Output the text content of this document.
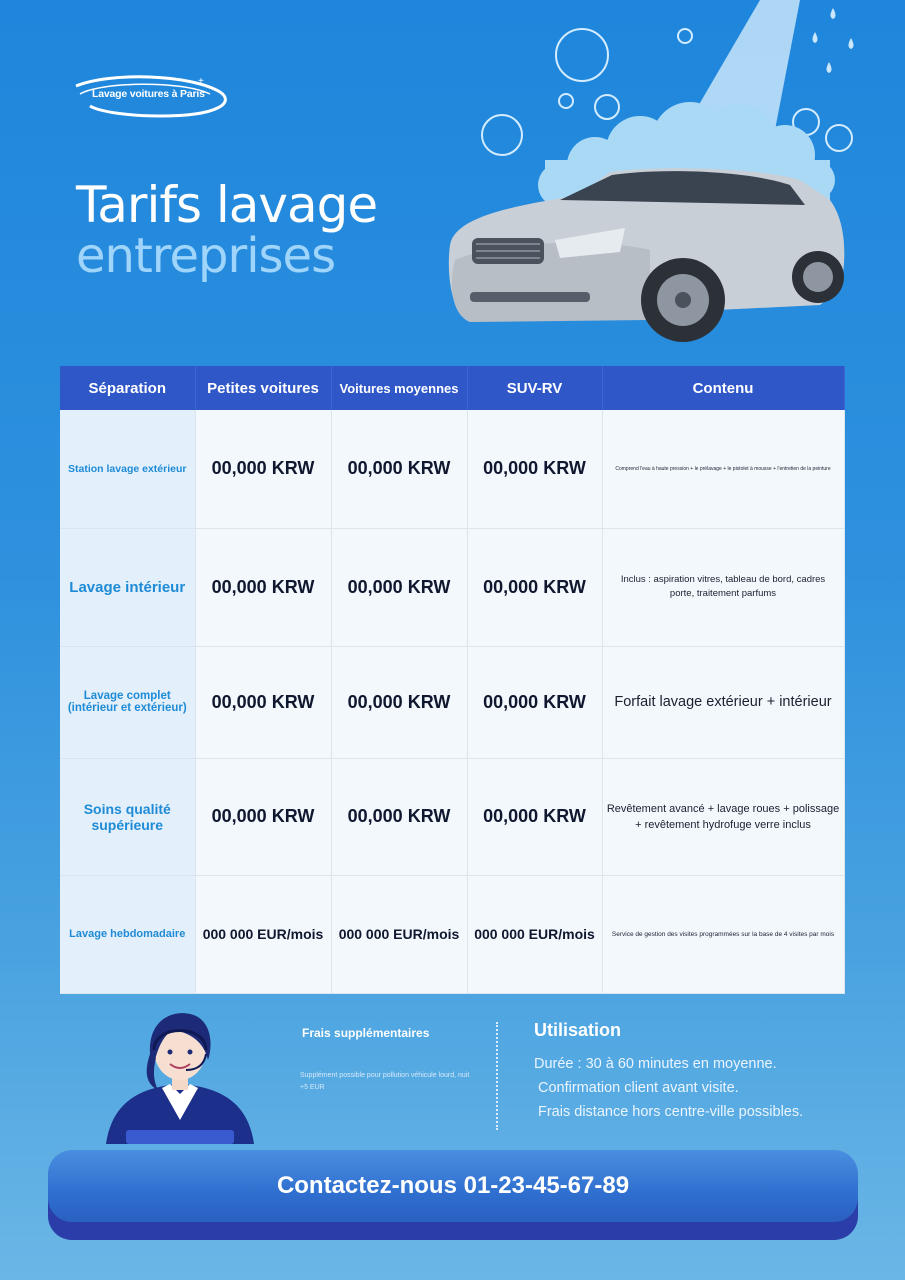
+
Lavage voitures à Paris
Tarifs lavage
entreprises
Séparation	Petites voitures	Voitures moyennes	SUV-RV	Contenu
Station lavage extérieur	00,000 KRW	00,000 KRW	00,000 KRW	Comprend l'eau à haute pression + le prélavage + le pistolet à mousse + l'entretien de la peinture
Lavage intérieur	00,000 KRW	00,000 KRW	00,000 KRW	Inclus : aspiration vitres, tableau de bord, cadres porte, traitement parfums
Lavage complet (intérieur et extérieur)	00,000 KRW	00,000 KRW	00,000 KRW	Forfait lavage extérieur + intérieur
Soins qualité supérieure	00,000 KRW	00,000 KRW	00,000 KRW	Revêtement avancé + lavage roues + polissage + revêtement hydrofuge verre inclus
Lavage hebdomadaire	000 000 EUR/mois	000 000 EUR/mois	000 000 EUR/mois	Service de gestion des visites programmées sur la base de 4 visites par mois
Frais supplémentaires
Supplément possible pour pollution véhicule lourd, nuit
+5 EUR
Utilisation
Durée : 30 à 60 minutes en moyenne.
Confirmation client avant visite.
Frais distance hors centre-ville possibles.
Contactez-nous 01-23-45-67-89
